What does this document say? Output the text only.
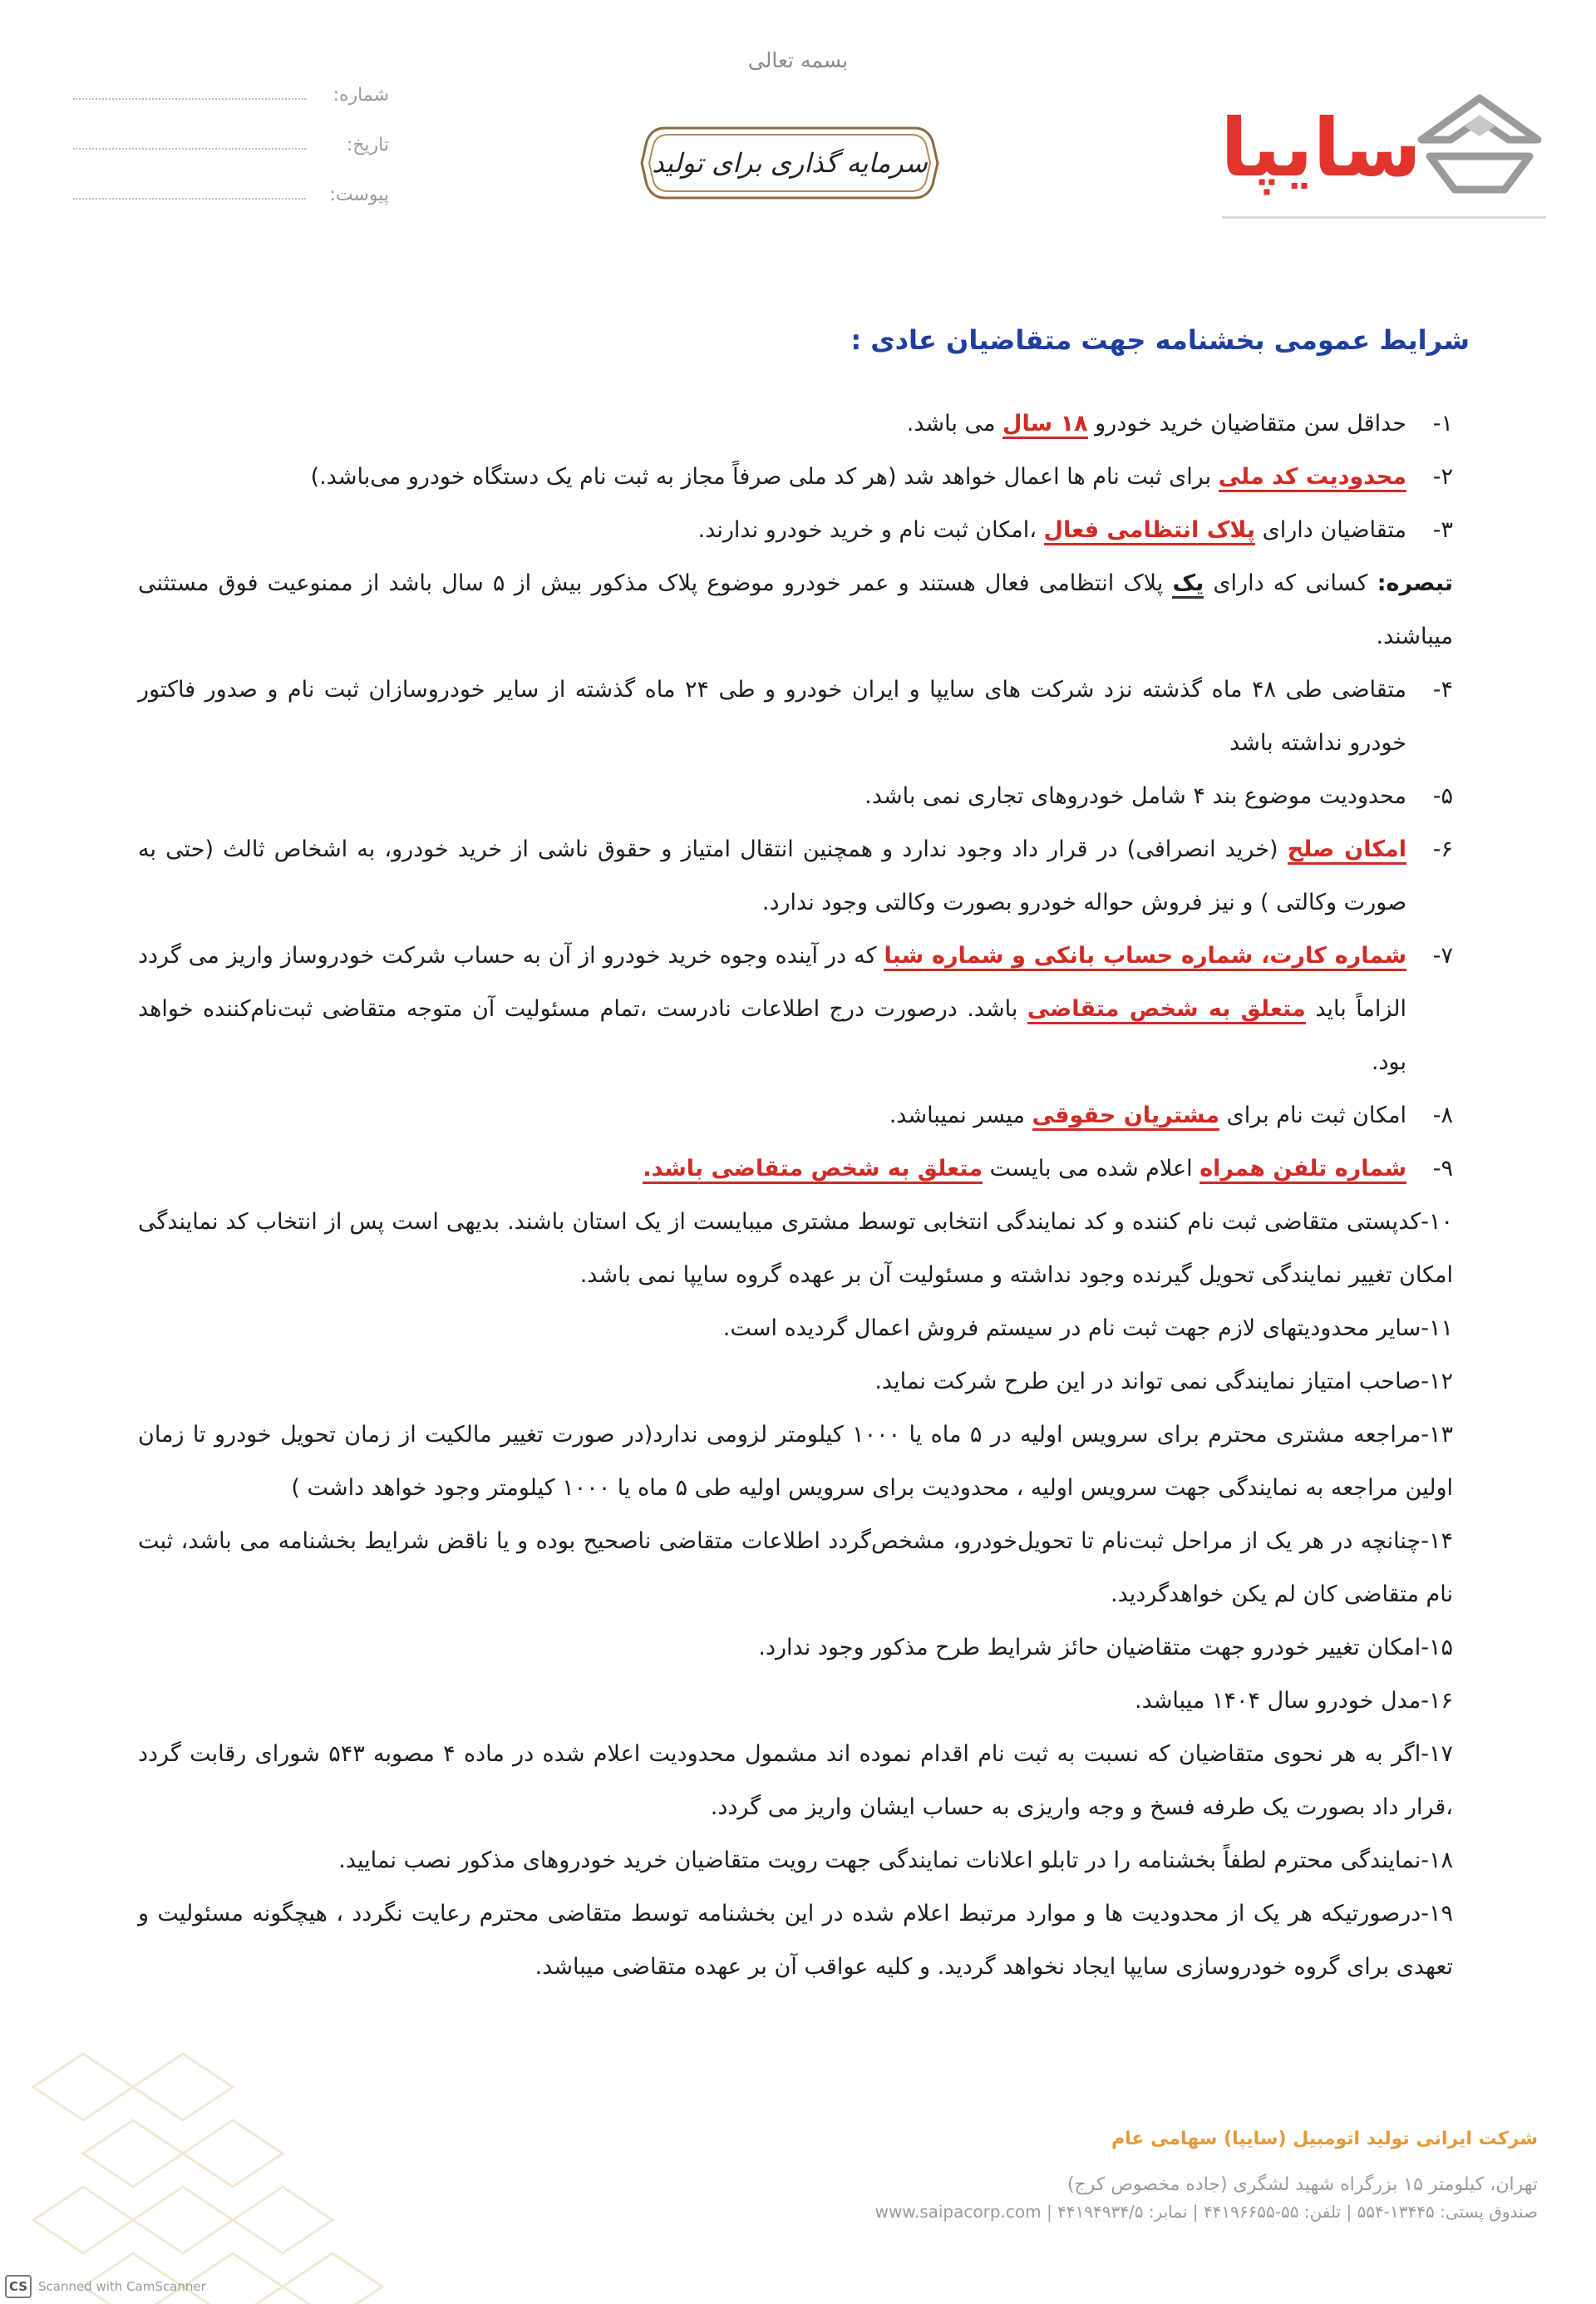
بسمه تعالی
سایپا
سرمایه گذاری برای تولید
شماره:
تاریخ:
پیوست:
شرایط عمومی بخشنامه جهت متقاضیان عادی :
۱-
حداقل سن متقاضیان خرید خودرو ۱۸ سال می باشد.
۲-
محدودیت کد ملی برای ثبت نام ها اعمال خواهد شد (هر کد ملی صرفاً مجاز به ثبت نام یک دستگاه خودرو می‌باشد.)
۳-
متقاضیان دارای پلاک انتظامی فعال ،امکان ثبت نام و خرید خودرو ندارند.
تبصره: کسانی که دارای یک پلاک انتظامی فعال هستند و عمر خودرو موضوع پلاک مذکور بیش از ۵ سال باشد از ممنوعیت فوق مستثنی میباشند.
۴-
متقاضی طی ۴۸ ماه گذشته نزد شرکت های سایپا و ایران خودرو و طی ۲۴ ماه گذشته از سایر خودروسازان ثبت نام و صدور فاکتور خودرو نداشته باشد
۵-
محدودیت موضوع بند ۴ شامل خودروهای تجاری نمی باشد.
۶-
امکان صلح (خرید انصرافی) در قرار داد وجود ندارد و همچنین انتقال امتیاز و حقوق ناشی از خرید خودرو، به اشخاص ثالث (حتی به صورت وکالتی ) و نیز فروش حواله خودرو بصورت وکالتی وجود ندارد.
۷-
شماره کارت، شماره حساب بانکی و شماره شبا که در آینده وجوه خرید خودرو از آن به حساب شرکت خودروساز واریز می گردد الزاماً باید متعلق به شخص متقاضی باشد. درصورت درج اطلاعات نادرست ،تمام مسئولیت آن متوجه متقاضی ثبت‌نام‌کننده خواهد بود.
۸-
امکان ثبت نام برای مشتریان حقوقی میسر نمیباشد.
۹-
شماره تلفن همراه اعلام شده می بایست متعلق به شخص متقاضی باشد.
۱۰-کدپستی متقاضی ثبت نام کننده و کد نمایندگی انتخابی توسط مشتری میبایست از یک استان باشند. بدیهی است پس از انتخاب کد نمایندگی امکان تغییر نمایندگی تحویل گیرنده وجود نداشته و مسئولیت آن بر عهده گروه سایپا نمی باشد.
۱۱-سایر محدودیتهای لازم جهت ثبت نام در سیستم فروش اعمال گردیده است.
۱۲-صاحب امتیاز نمایندگی نمی تواند در این طرح شرکت نماید.
۱۳-مراجعه مشتری محترم برای سرویس اولیه در ۵ ماه یا ۱۰۰۰ کیلومتر لزومی ندارد(در صورت تغییر مالکیت از زمان تحویل خودرو تا زمان اولین مراجعه به نمایندگی جهت سرویس اولیه ، محدودیت برای سرویس اولیه طی ۵ ماه یا ۱۰۰۰ کیلومتر وجود خواهد داشت )
۱۴-چنانچه در هر یک از مراحل ثبت‌نام تا تحویل‌خودرو، مشخص‌گردد اطلاعات متقاضی ناصحیح بوده و یا ناقض شرایط بخشنامه می باشد، ثبت نام متقاضی کان لم یکن خواهدگردید.
۱۵-امکان تغییر خودرو جهت متقاضیان حائز شرایط طرح مذکور وجود ندارد.
۱۶-مدل خودرو سال ۱۴۰۴ میباشد.
۱۷-اگر به هر نحوی متقاضیان که نسبت به ثبت نام اقدام نموده اند مشمول محدودیت اعلام شده در ماده ۴ مصوبه ۵۴۳ شورای رقابت گردد ،قرار داد بصورت یک طرفه فسخ و وجه واریزی به حساب ایشان واریز می گردد.
۱۸-نمایندگی محترم لطفاً بخشنامه را در تابلو اعلانات نمایندگی جهت رویت متقاضیان خرید خودروهای مذکور نصب نمایید.
۱۹-درصورتیکه هر یک از محدودیت ها و موارد مرتبط اعلام شده در این بخشنامه توسط متقاضی محترم رعایت نگردد ، هیچگونه مسئولیت و تعهدی برای گروه خودروسازی سایپا ایجاد نخواهد گردید. و کلیه عواقب آن بر عهده متقاضی میباشد.
شرکت ایرانی تولید اتومبیل (سایپا) سهامی عام
تهران، کیلومتر ۱۵ بزرگراه شهید لشگری (جاده مخصوص کرج)
صندوق پستی: ۱۳۴۴۵-۵۵۴ | تلفن: ۵۵-۴۴۱۹۶۶۵۵ | نمابر: ۴۴۱۹۴۹۳۴/۵ | www.saipacorp.com
CS Scanned with CamScanner
